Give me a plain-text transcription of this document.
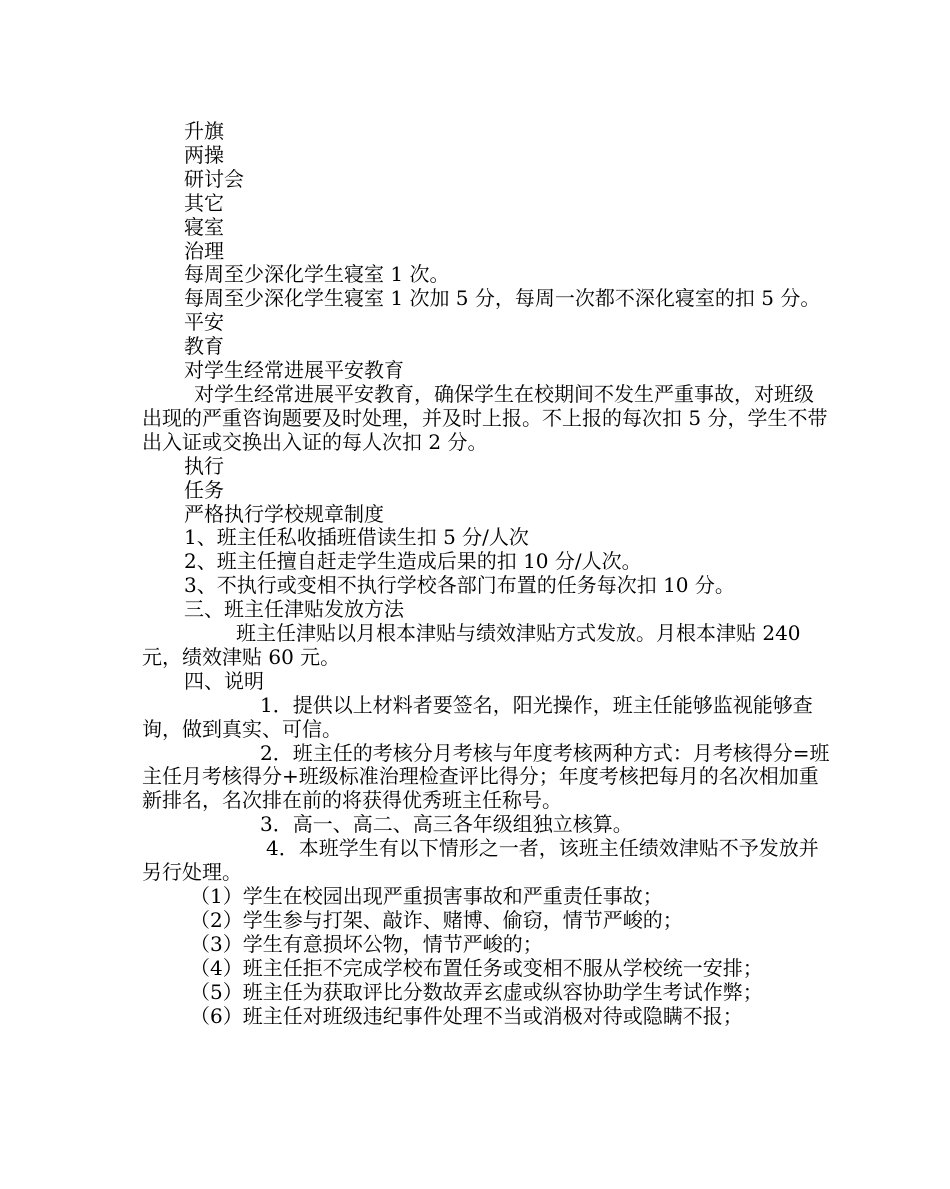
升旗

两操

研讨会

其它

寝室

治理

每周至少深化学生寝室 1 次。

每周至少深化学生寝室 1 次加 5 分，每周一次都不深化寝室的扣 5 分。

平安

教育

对学生经常进展平安教育

对学生经常进展平安教育，确保学生在校期间不发生严重事故，对班级出现的严重咨询题要及时处理，并及时上报。不上报的每次扣 5 分，学生不带出入证或交换出入证的每人次扣 2 分。

执行

任务

严格执行学校规章制度

1、班主任私收插班借读生扣 5 分/人次

2、班主任擅自赶走学生造成后果的扣 10 分/人次。

3、不执行或变相不执行学校各部门布置的任务每次扣 10 分。

三、班主任津贴发放方法

班主任津贴以月根本津贴与绩效津贴方式发放。月根本津贴 240 元，绩效津贴 60 元。

四、说明

1．提供以上材料者要签名，阳光操作，班主任能够监视能够查询，做到真实、可信。

2．班主任的考核分月考核与年度考核两种方式：月考核得分=班主任月考核得分+班级标准治理检查评比得分；年度考核把每月的名次相加重新排名，名次排在前的将获得优秀班主任称号。

3．高一、高二、高三各年级组独立核算。

4．本班学生有以下情形之一者，该班主任绩效津贴不予发放并另行处理。

（1）学生在校园出现严重损害事故和严重责任事故；

（2）学生参与打架、敲诈、赌博、偷窃，情节严峻的；

（3）学生有意损坏公物，情节严峻的；

（4）班主任拒不完成学校布置任务或变相不服从学校统一安排；

（5）班主任为获取评比分数故弄玄虚或纵容协助学生考试作弊；

（6）班主任对班级违纪事件处理不当或消极对待或隐瞒不报；
